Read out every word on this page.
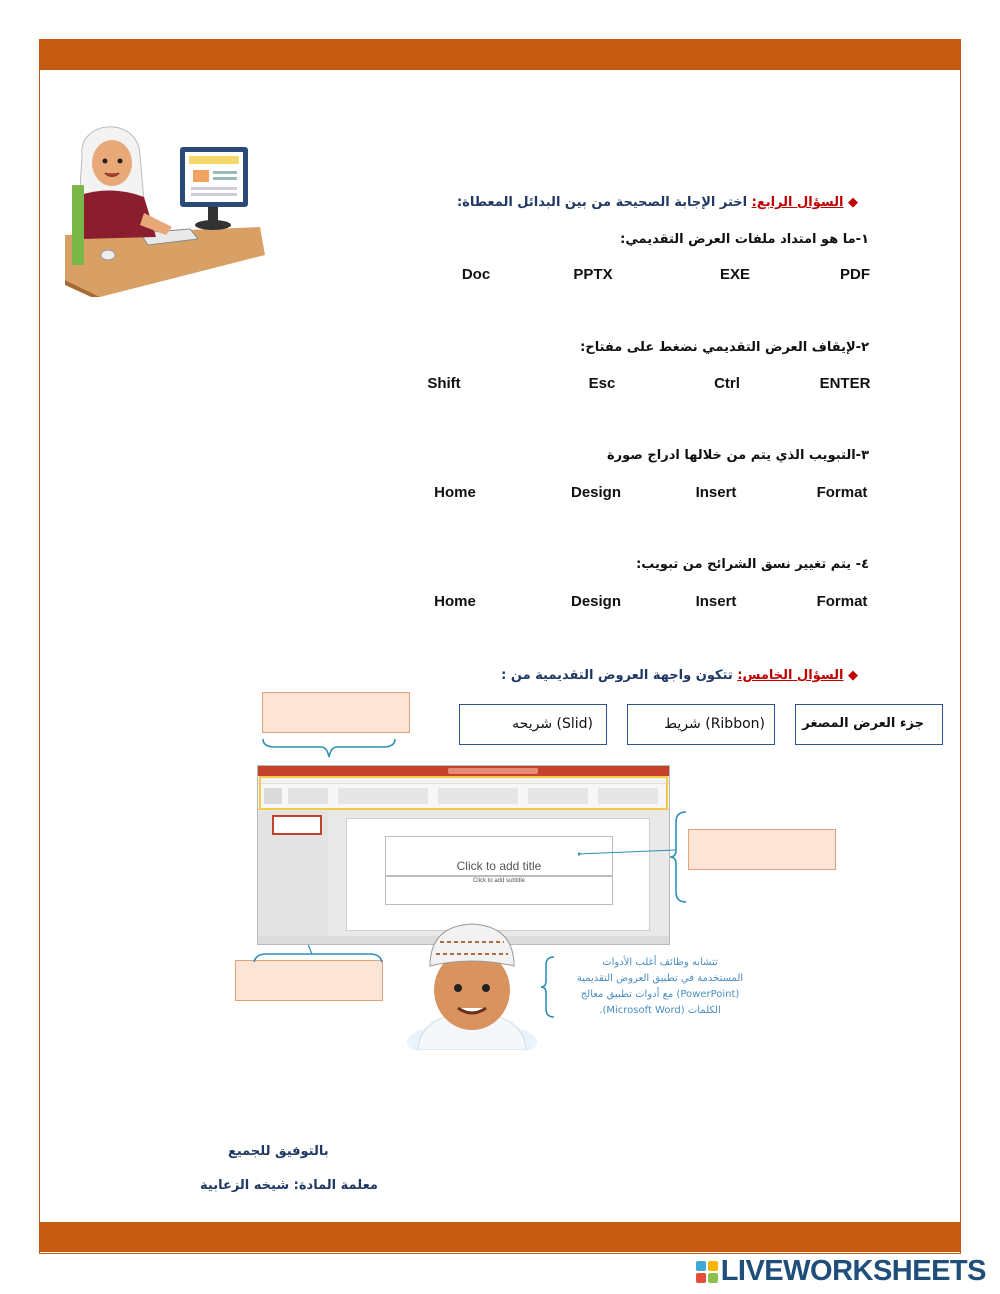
◆ السؤال الرابع: اختر الإجابة الصحيحة من بين البدائل المعطاة:
١-ما هو امتداد ملفات العرض التقديمي:
PDF
EXE
PPTX
Doc
٢-لإيقاف العرض التقديمي نضغط على مفتاح:
ENTER
Ctrl
Esc
Shift
٣-التبويب الذي يتم من خلالها ادراج صورة
Format
Insert
Design
Home
٤- يتم تغيير نسق الشرائح من تبويب:
Format
Insert
Design
Home
◆ السؤال الخامس: تتكون واجهة العروض التقديمية من :
جزء العرض المصغر
(Ribbon) شريط
(Slid) شريحه
Click to add title
Click to add subtitle
تتشابه وظائف أغلب الأدوات
المستخدمة في تطبيق العروض التقديمية
(PowerPoint) مع أدوات تطبيق معالج
الكلمات (Microsoft Word).
بالتوفيق للجميع
معلمة المادة: شيخه الزعابية
LIVEWORKSHEETS
